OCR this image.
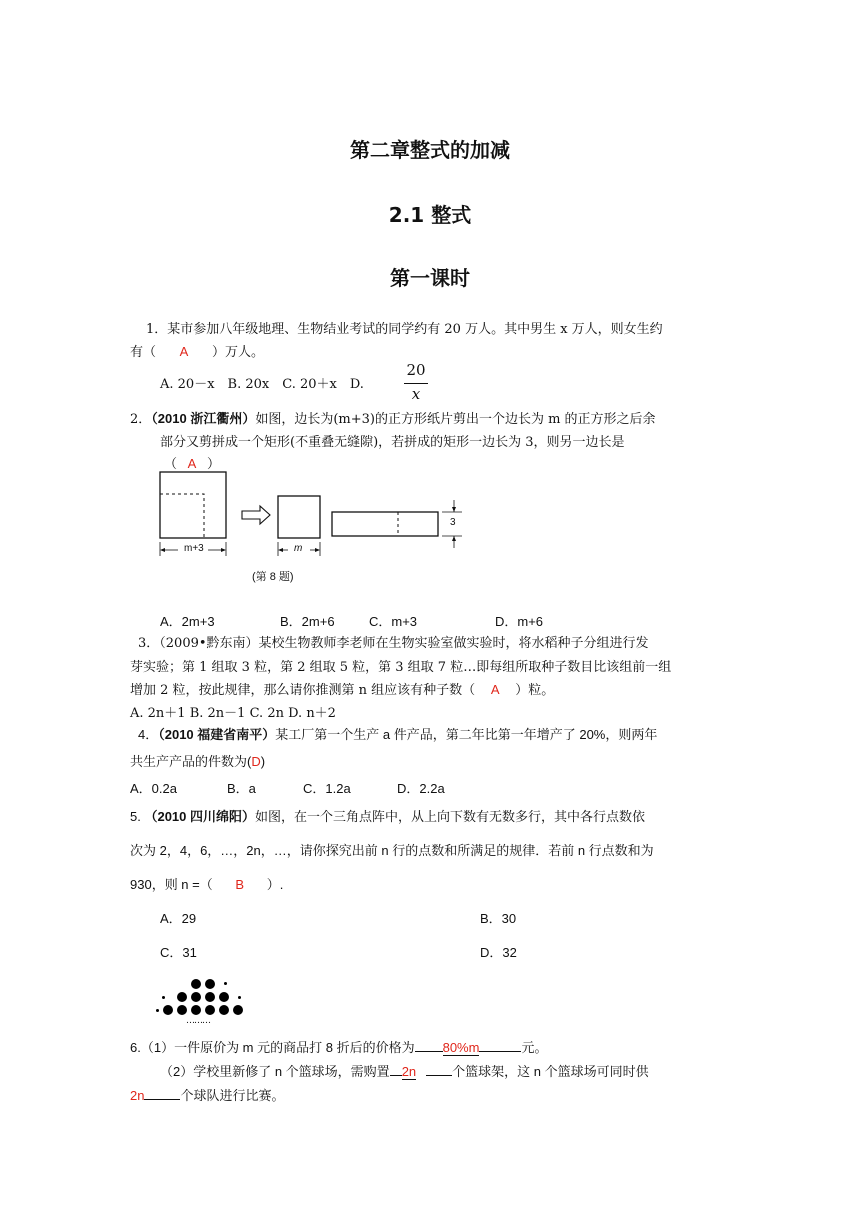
第二章整式的加减
2.1 整式
第一课时
1．某市参加八年级地理、生物结业考试的同学约有 20 万人。其中男生 x 万人，则女生约
有（ A ）万人。
A. 20－x　B. 20x　C. 20＋x　D.
20
x
2．（2010 浙江衢州）如图，边长为(m+3)的正方形纸片剪出一个边长为 m 的正方形之后余
部分又剪拼成一个矩形(不重叠无缝隙)，若拼成的矩形一边长为 3，则另一边长是
（ A ）
m+3	m
3
(第 8 题)
A．2m+3	B．2m+6	C．m+3	D．m+6
3．（2009•黔东南）某校生物教师李老师在生物实验室做实验时，将水稻种子分组进行发
芽实验；第 1 组取 3 粒，第 2 组取 5 粒，第 3 组取 7 粒…即每组所取种子数目比该组前一组
增加 2 粒，按此规律，那么请你推测第 n 组应该有种子数（ A ）粒。
A. 2n＋1 B. 2n－1 C. 2n D. n＋2
4．（2010 福建省南平）某工厂第一个生产 a 件产品，第二年比第一年增产了 20%，则两年
共生产产品的件数为(D)
A．0.2a	B．a	C．1.2a	D．2.2a
5. （2010 四川绵阳）如图，在一个三角点阵中，从上向下数有无数多行，其中各行点数依
次为 2，4，6，…，2n，…，请你探究出前 n 行的点数和所满足的规律．若前 n 行点数和为
930，则 n =（ B ）.
A．29	B．30
C．31	D．32
………
6.（1）一件原价为 m 元的商品打 8 折后的价格为 80%m	元。
（2）学校里新修了 n 个篮球场，需购置 2n	个篮球架，这 n 个篮球场可同时供
2n	个球队进行比赛。
